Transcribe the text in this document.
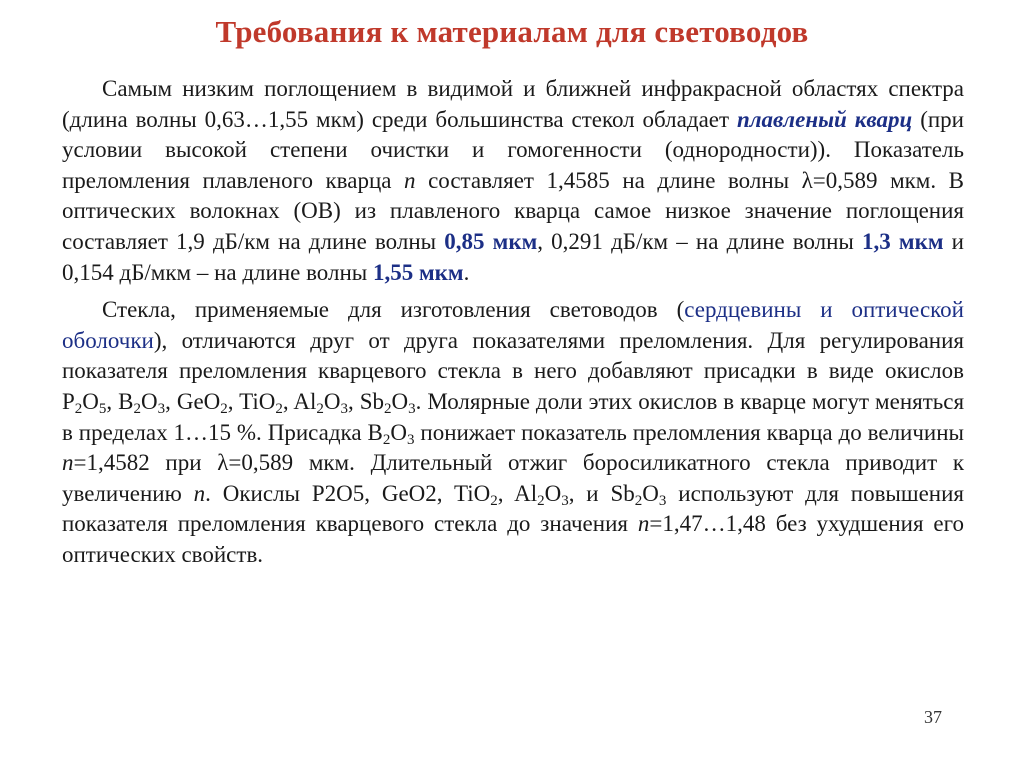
Требования к материалам для световодов

Самым низким поглощением в видимой и ближней инфракрасной областях спектра (длина волны 0,63…1,55 мкм) среди большинства стекол обладает плавленый кварц (при условии высокой степени очистки и гомогенности (однородности)). Показатель преломления плавленого кварца n составляет 1,4585 на длине волны λ=0,589 мкм. В оптических волокнах (ОВ) из плавленого кварца самое низкое значение поглощения составляет 1,9 дБ/км на длине волны 0,85 мкм, 0,291 дБ/км – на длине волны 1,3 мкм и 0,154 дБ/мкм – на длине волны 1,55 мкм.

Стекла, применяемые для изготовления световодов (сердцевины и оптической оболочки), отличаются друг от друга показателями преломления. Для регулирования показателя преломления кварцевого стекла в него добавляют присадки в виде окислов $P_2O_5$, $B_2O_3$, GeO$_2$, TiO$_2$, $Al_2O_3$, $Sb_2O_3$. Молярные доли этих окислов в кварце могут меняться в пределах 1…15 %. Присадка $B_2O_3$ понижает показатель преломления кварца до величины n=1,4582 при λ=0,589 мкм. Длительный отжиг боросиликатного стекла приводит к увеличению n. Окислы P2O5, GeO2, TiO$_2$, $Al_2O_3$, и $Sb_2O_3$ используют для повышения показателя преломления кварцевого стекла до значения n=1,47…1,48 без ухудшения его оптических свойств.

37
